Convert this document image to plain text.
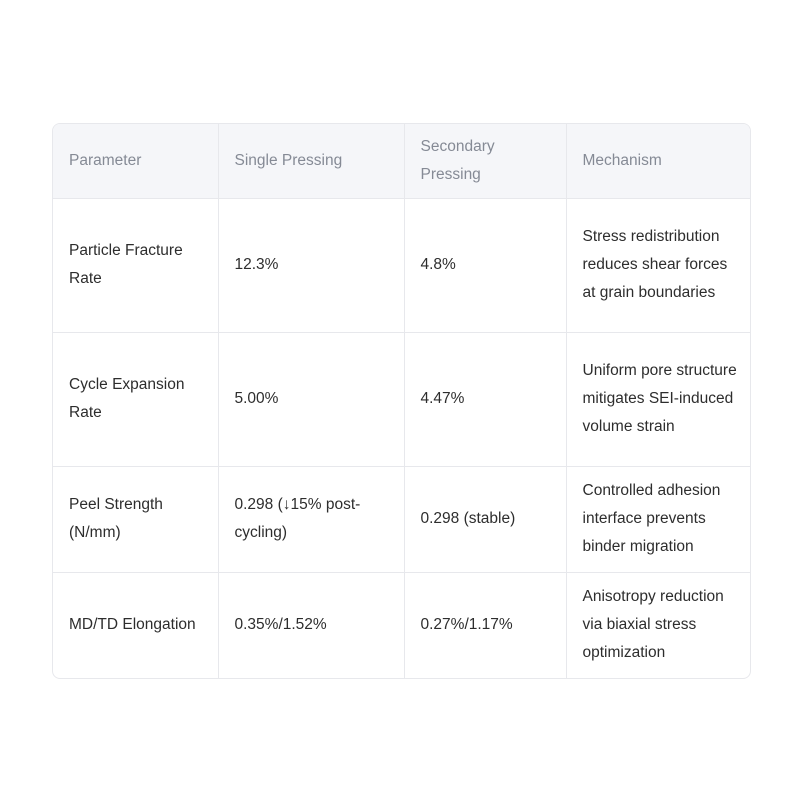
Parameter	Single Pressing	Secondary Pressing	Mechanism
Particle Fracture Rate	12.3%	4.8%	Stress redistribution reduces shear forces at grain boundaries
Cycle Expansion Rate	5.00%	4.47%	Uniform pore structure mitigates SEI-induced volume strain
Peel Strength (N/mm)	0.298 (↓15% post-cycling)	0.298 (stable)	Controlled adhesion interface prevents binder migration
MD/TD Elongation	0.35%/1.52%	0.27%/1.17%	Anisotropy reduction via biaxial stress optimization
